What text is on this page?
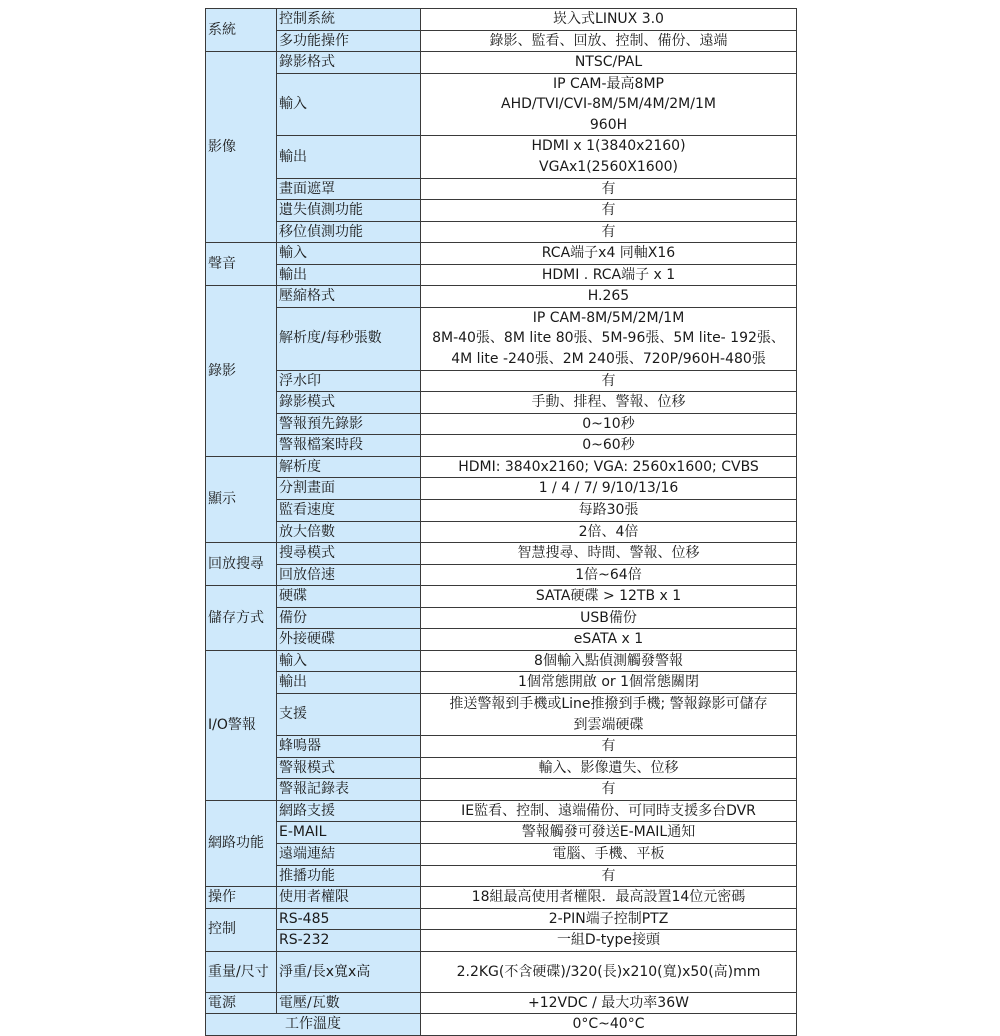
系統	控制系統	崁入式LINUX 3.0

	多功能操作	錄影、監看、回放、控制、備份、遠端

影像	錄影格式	NTSC/PAL

	輸入	IP CAM-最高8MP
AHD/TVI/CVI-8M/5M/4M/2M/1M
960H

	輸出	HDMI x 1(3840x2160)
VGAx1(2560X1600)

	畫面遮罩	有

	遺失偵測功能	有

	移位偵測功能	有

聲音	輸入	RCA端子x4 同軸X16

	輸出	HDMI . RCA端子 x 1

錄影	壓縮格式	H.265

	解析度/每秒張數	IP CAM-8M/5M/2M/1M
8M-40張、8M lite 80張、5M-96張、5M lite- 192張、
4M lite -240張、2M 240張、720P/960H-480張

	浮水印	有

	錄影模式	手動、排程、警報、位移

	警報預先錄影	0~10秒

	警報檔案時段	0~60秒

顯示	解析度	HDMI: 3840x2160; VGA: 2560x1600; CVBS

	分割畫面	1 / 4 / 7/ 9/10/13/16

	監看速度	每路30張

	放大倍數	2倍、4倍

回放搜尋	搜尋模式	智慧搜尋、時間、警報、位移

	回放倍速	1倍~64倍

儲存方式	硬碟	SATA硬碟 > 12TB x 1

	備份	USB備份

	外接硬碟	eSATA x 1

I/O警報	輸入	8個輸入點偵測觸發警報

	輸出	1個常態開啟 or 1個常態關閉

	支援	推送警報到手機或Line推撥到手機; 警報錄影可儲存
到雲端硬碟

	蜂鳴器	有

	警報模式	輸入、影像遺失、位移

	警報記錄表	有

網路功能	網路支援	IE監看、控制、遠端備份、可同時支援多台DVR

	E-MAIL	警報觸發可發送E-MAIL通知

	遠端連結	電腦、手機、平板

	推播功能	有

操作	使用者權限	18組最高使用者權限．最高設置14位元密碼

控制	RS-485	2-PIN端子控制PTZ

	RS-232	一組D-type接頭

重量/尺寸	淨重/長x寬x高	2.2KG(不含硬碟)/320(長)x210(寬)x50(高)mm

電源	電壓/瓦數	+12VDC / 最大功率36W

工作溫度		0°C~40°C
